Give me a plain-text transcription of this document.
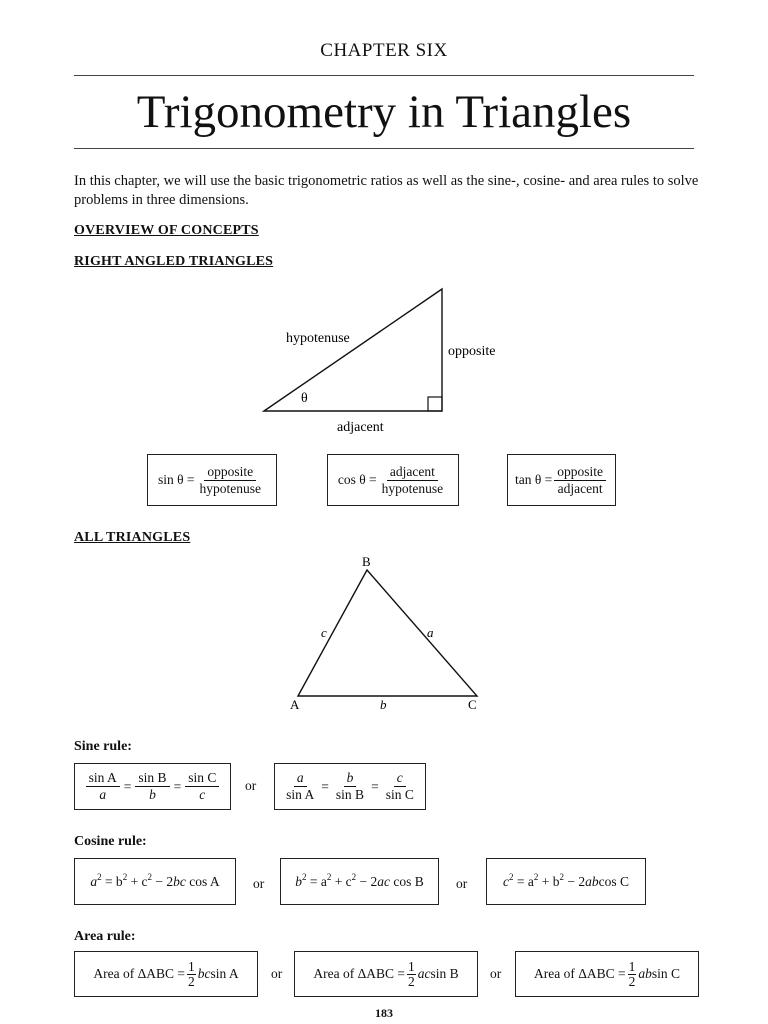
CHAPTER SIX
Trigonometry in Triangles
In this chapter, we will use the basic trigonometric ratios as well as the sine-, cosine- and area rules to solve problems in three dimensions.
OVERVIEW OF CONCEPTS
RIGHT ANGLED TRIANGLES
hypotenuse
opposite
θ
adjacent
$\sin \theta = \frac{\text{opposite}}{\text{hypotenuse}}$	$\cos \theta = \frac{\text{adjacent}}{\text{hypotenuse}}$	$\tan \theta = \frac{\text{opposite}}{\text{adjacent}}$
ALL TRIANGLES
B
A	C
c	a
b
Sine rule:
$\frac{\text{sin A}}{a} = \frac{\text{sin B}}{b} = \frac{\text{sin C}}{c}$ or $\frac{a}{\text{sin A}} = \frac{b}{\text{sin B}} = \frac{c}{\text{sin C}}$
Cosine rule:
$a^2 = b^2 + c^2 - 2bc$ cos A or $b^2 = a^2 + c^2 - 2ac$ cos B or	$c^2 = a^2 + b^2 - 2abcos$ C
Area rule:
Area of $\Delta ABC = \frac{1}{2}$ bc sin A or Area of $\Delta ABC = \frac{1}{2}$ ac sin B or Area of $\Delta ABC = \frac{1}{2}$ ab sin C
183
